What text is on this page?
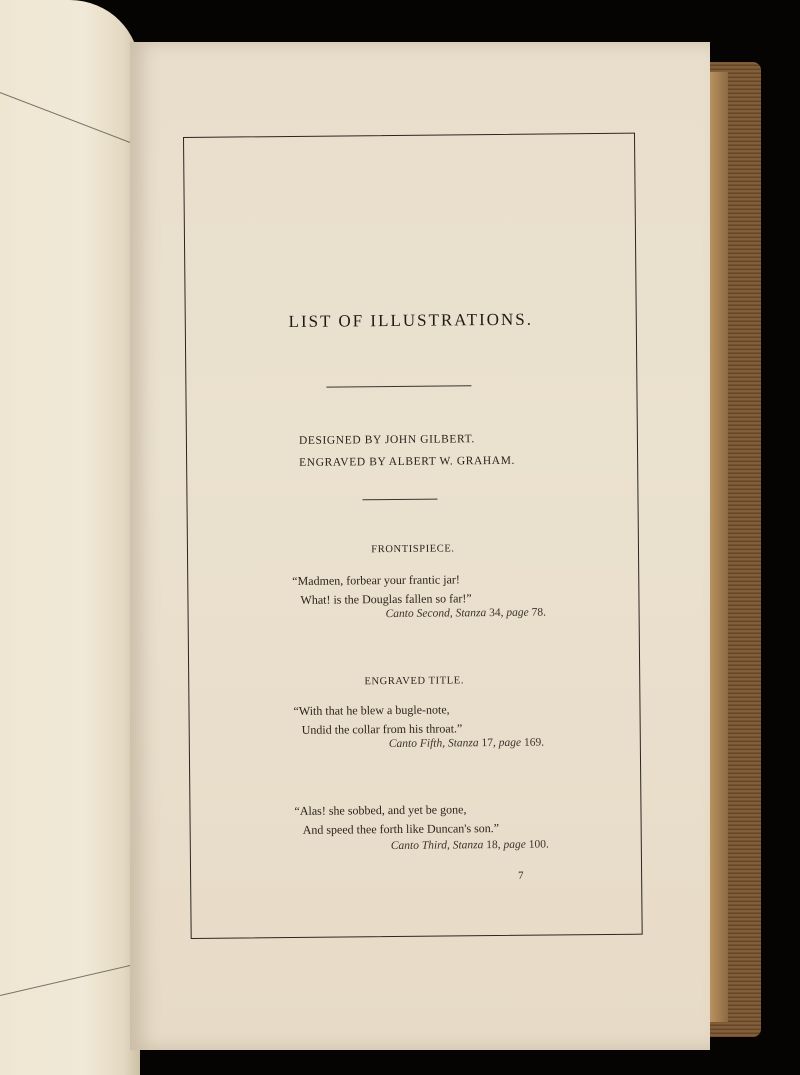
LIST OF ILLUSTRATIONS.
DESIGNED BY JOHN GILBERT.
ENGRAVED BY ALBERT W. GRAHAM.
FRONTISPIECE.
“Madmen, forbear your frantic jar!
What! is the Douglas fallen so far!”
Canto Second, Stanza 34, page 78.
ENGRAVED TITLE.
“With that he blew a bugle-note,
Undid the collar from his throat.”
Canto Fifth, Stanza 17, page 169.
“Alas! she sobbed, and yet be gone,
And speed thee forth like Duncan's son.”
Canto Third, Stanza 18, page 100.
7
